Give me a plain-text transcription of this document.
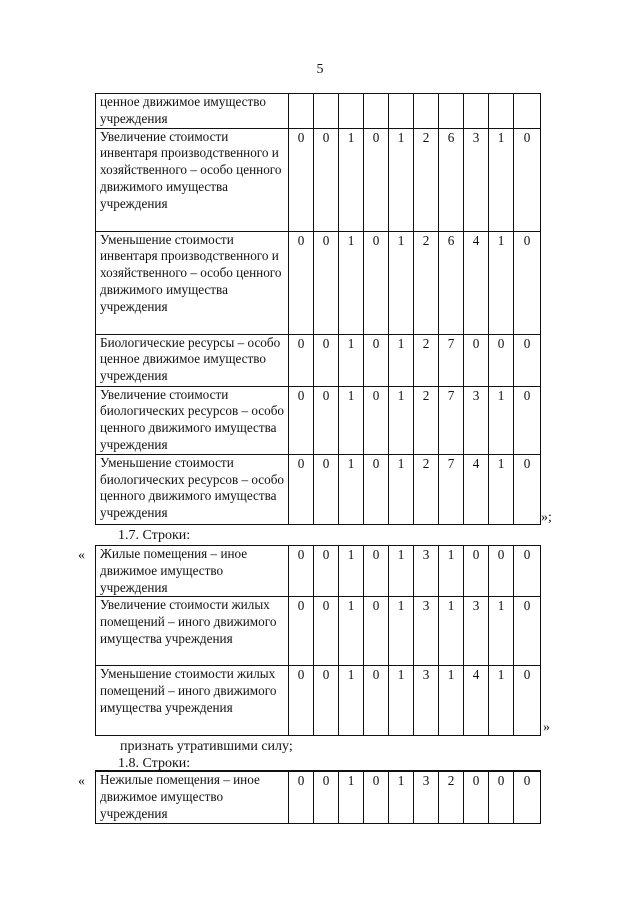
5
ценное движимое имущество учреждения										
Увеличение стоимости инвентаря производственного и хозяйственного – особо ценного движимого имущества учреждения	0	0	1	0	1	2	6	3	1	0
Уменьшение стоимости инвентаря производственного и хозяйственного – особо ценного движимого имущества учреждения	0	0	1	0	1	2	6	4	1	0
Биологические ресурсы – особо ценное движимое имущество учреждения	0	0	1	0	1	2	7	0	0	0
Увеличение стоимости биологических ресурсов – особо ценного движимого имущества учреждения	0	0	1	0	1	2	7	3	1	0
Уменьшение стоимости биологических ресурсов – особо ценного движимого имущества учреждения	0	0	1	0	1	2	7	4	1	0
»;
1.7. Строки:
« Жилые помещения – иное движимое имущество учреждения	0	0	1	0	1	3	1	0	0	0
Увеличение стоимости жилых помещений – иного движимого имущества учреждения	0	0	1	0	1	3	1	3	1	0
Уменьшение стоимости жилых помещений – иного движимого имущества учреждения	0	0	1	0	1	3	1	4	1	0
»
признать утратившими силу;
1.8. Строки:
« Нежилые помещения – иное движимое имущество учреждения	0	0	1	0	1	3	2	0	0	0
